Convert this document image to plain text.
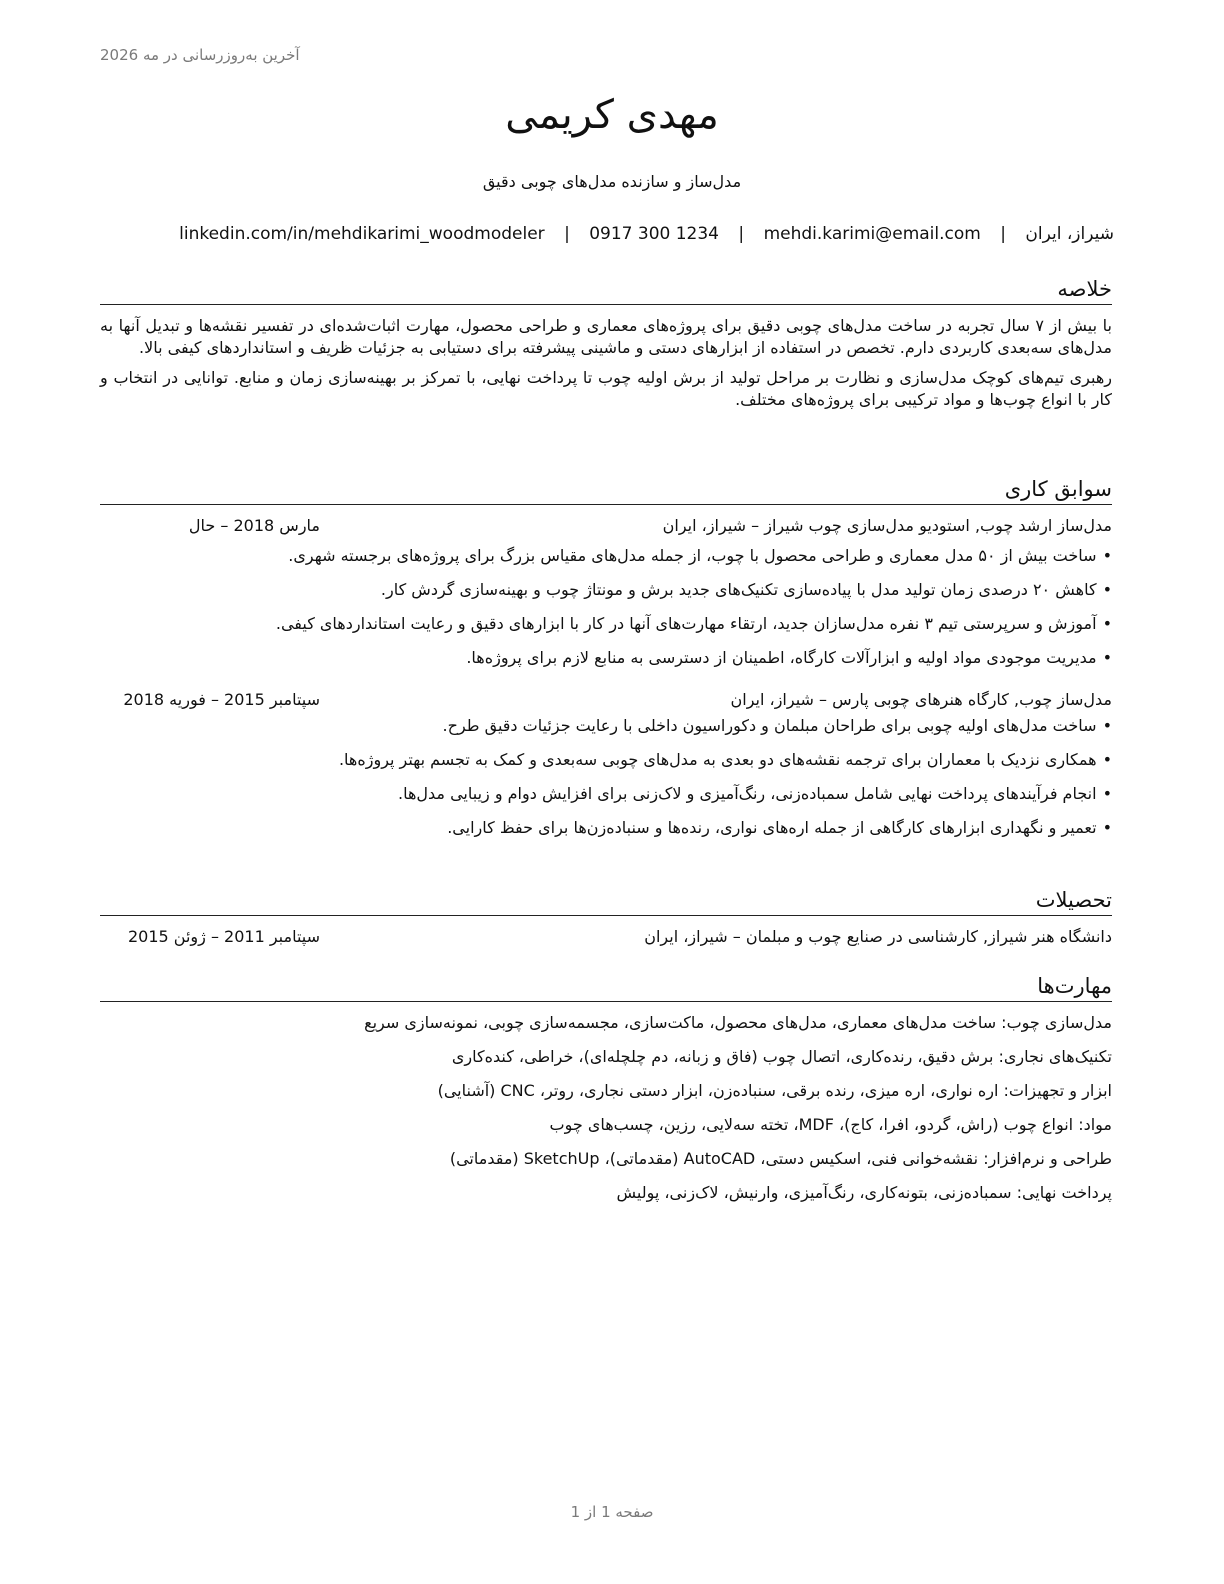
آخرین به‌روزرسانی در مه 2026
مهدی کریمی
مدل‌ساز و سازنده مدل‌های چوبی دقیق
شیراز، ایران | mehdi.karimi@email.com | 0917 300 1234 | linkedin.com/in/mehdikarimi_woodmodeler
خلاصه

با بیش از ۷ سال تجربه در ساخت مدل‌های چوبی دقیق برای پروژه‌های معماری و طراحی محصول، مهارت اثبات‌شده‌ای در تفسیر نقشه‌ها و تبدیل آنها به مدل‌های سه‌بعدی کاربردی دارم. تخصص در استفاده از ابزارهای دستی و ماشینی پیشرفته برای دستیابی به جزئیات ظریف و استانداردهای کیفی بالا.

رهبری تیم‌های کوچک مدل‌سازی و نظارت بر مراحل تولید از برش اولیه چوب تا پرداخت نهایی، با تمرکز بر بهینه‌سازی زمان و منابع. توانایی در انتخاب و کار با انواع چوب‌ها و مواد ترکیبی برای پروژه‌های مختلف.

سوابق کاری
مدل‌ساز ارشد چوب, استودیو مدل‌سازی چوب شیراز – شیراز، ایران
مارس 2018 – حال
•ساخت بیش از ۵۰ مدل معماری و طراحی محصول با چوب، از جمله مدل‌های مقیاس بزرگ برای پروژه‌های برجسته شهری.
•کاهش ۲۰ درصدی زمان تولید مدل با پیاده‌سازی تکنیک‌های جدید برش و مونتاژ چوب و بهینه‌سازی گردش کار.
•آموزش و سرپرستی تیم ۳ نفره مدل‌سازان جدید، ارتقاء مهارت‌های آنها در کار با ابزارهای دقیق و رعایت استانداردهای کیفی.
•مدیریت موجودی مواد اولیه و ابزارآلات کارگاه، اطمینان از دسترسی به منابع لازم برای پروژه‌ها.
مدل‌ساز چوب, کارگاه هنرهای چوبی پارس – شیراز، ایران
سپتامبر 2015 – فوریه 2018
•ساخت مدل‌های اولیه چوبی برای طراحان مبلمان و دکوراسیون داخلی با رعایت جزئیات دقیق طرح.
•همکاری نزدیک با معماران برای ترجمه نقشه‌های دو بعدی به مدل‌های چوبی سه‌بعدی و کمک به تجسم بهتر پروژه‌ها.
•انجام فرآیندهای پرداخت نهایی شامل سمباده‌زنی، رنگ‌آمیزی و لاک‌زنی برای افزایش دوام و زیبایی مدل‌ها.
•تعمیر و نگهداری ابزارهای کارگاهی از جمله اره‌های نواری، رنده‌ها و سنباده‌زن‌ها برای حفظ کارایی.
تحصیلات
دانشگاه هنر شیراز, کارشناسی در صنایع چوب و مبلمان – شیراز، ایران
سپتامبر 2011 – ژوئن 2015
مهارت‌ها
مدل‌سازی چوب: ساخت مدل‌های معماری، مدل‌های محصول، ماکت‌سازی، مجسمه‌سازی چوبی، نمونه‌سازی سریع
تکنیک‌های نجاری: برش دقیق، رنده‌کاری، اتصال چوب (فاق و زبانه، دم چلچله‌ای)، خراطی، کنده‌کاری
ابزار و تجهیزات: اره نواری، اره میزی، رنده برقی، سنباده‌زن، ابزار دستی نجاری، روتر، CNC (آشنایی)
مواد: انواع چوب (راش، گردو، افرا، کاج)، MDF، تخته سه‌لایی، رزین، چسب‌های چوب
طراحی و نرم‌افزار: نقشه‌خوانی فنی، اسکیس دستی، AutoCAD (مقدماتی)، SketchUp (مقدماتی)
پرداخت نهایی: سمباده‌زنی، بتونه‌کاری، رنگ‌آمیزی، وارنیش، لاک‌زنی، پولیش
صفحه 1 از 1
